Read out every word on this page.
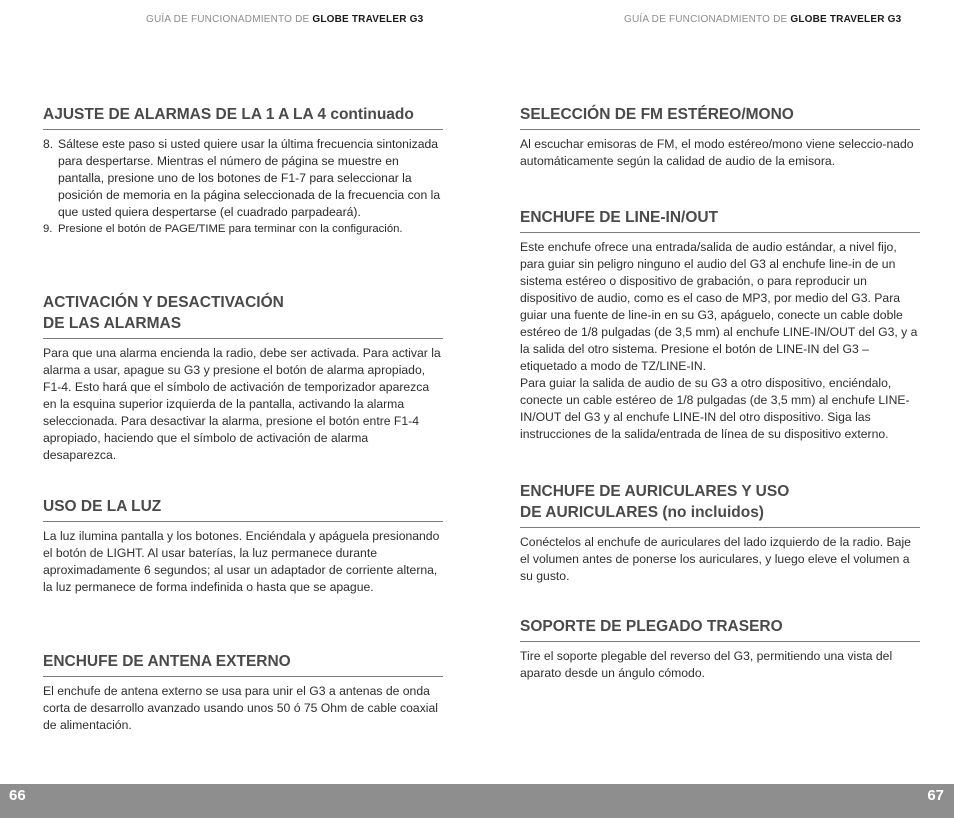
GUÍA DE FUNCIONADMIENTO DE GLOBE TRAVELER G3
AJUSTE DE ALARMAS DE LA 1 A LA 4 continuado
8. Sáltese este paso si usted quiere usar la última frecuencia sintonizada para despertarse. Mientras el número de página se muestre en pantalla, presione uno de los botones de F1-7 para seleccionar la posición de memoria en la página seleccionada de la frecuencia con la que usted quiera despertarse (el cuadrado parpadeará).
9. Presione el botón de PAGE/TIME para terminar con la configuración.
ACTIVACIÓN Y DESACTIVACIÓN
DE LAS ALARMAS

Para que una alarma encienda la radio, debe ser activada. Para activar la alarma a usar, apague su G3 y presione el botón de alarma apropiado, F1-4. Esto hará que el símbolo de activación de temporizador aparezca en la esquina superior izquierda de la pantalla, activando la alarma seleccionada. Para desactivar la alarma, presione el botón entre F1-4 apropiado, haciendo que el símbolo de activación de alarma desaparezca.

USO DE LA LUZ

La luz ilumina pantalla y los botones. Enciéndala y apáguela presionando el botón de LIGHT. Al usar baterías, la luz permanece durante aproximadamente 6 segundos; al usar un adaptador de corriente alterna, la luz permanece de forma indefinida o hasta que se apague.

ENCHUFE DE ANTENA EXTERNO

El enchufe de antena externo se usa para unir el G3 a antenas de onda corta de desarrollo avanzado usando unos 50 ó 75 Ohm de cable coaxial de alimentación.

GUÍA DE FUNCIONADMIENTO DE GLOBE TRAVELER G3
SELECCIÓN DE FM ESTÉREO/MONO

Al escuchar emisoras de FM, el modo estéreo/mono viene seleccio-nado automáticamente según la calidad de audio de la emisora.

ENCHUFE DE LINE-IN/OUT

Este enchufe ofrece una entrada/salida de audio estándar, a nivel fijo, para guiar sin peligro ninguno el audio del G3 al enchufe line-in de un sistema estéreo o dispositivo de grabación, o para reproducir un dispositivo de audio, como es el caso de MP3, por medio del G3. Para guiar una fuente de line-in en su G3, apáguelo, conecte un cable doble estéreo de 1/8 pulgadas (de 3,5 mm) al enchufe LINE-IN/OUT del G3, y a la salida del otro sistema. Presione el botón de LINE-IN del G3 – etiquetado a modo de TZ/LINE-IN.

Para guiar la salida de audio de su G3 a otro dispositivo, enciéndalo, conecte un cable estéreo de 1/8 pulgadas (de 3,5 mm) al enchufe LINE-IN/OUT del G3 y al enchufe LINE-IN del otro dispositivo. Siga las instrucciones de la salida/entrada de línea de su dispositivo externo.

ENCHUFE DE AURICULARES Y USO
DE AURICULARES (no incluidos)

Conéctelos al enchufe de auriculares del lado izquierdo de la radio. Baje el volumen antes de ponerse los auriculares, y luego eleve el volumen a su gusto.

SOPORTE DE PLEGADO TRASERO

Tire el soporte plegable del reverso del G3, permitiendo una vista del aparato desde un ángulo cómodo.

66	67
